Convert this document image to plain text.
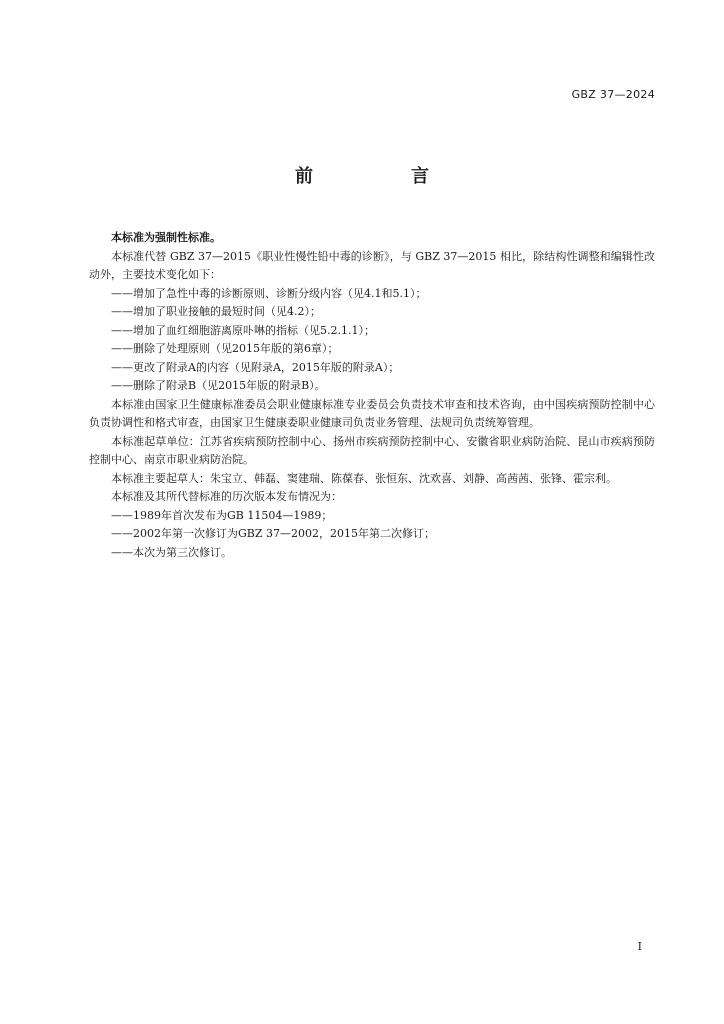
GBZ 37—2024
前　言

本标准为强制性标准。

本标准代替 GBZ 37—2015《职业性慢性铅中毒的诊断》，与 GBZ 37—2015 相比，除结构性调整和编辑性改动外，主要技术变化如下：

——增加了急性中毒的诊断原则、诊断分级内容（见4.1和5.1）；

——增加了职业接触的最短时间（见4.2）；

——增加了血红细胞游离原卟啉的指标（见5.2.1.1）；

——删除了处理原则（见2015年版的第6章）；

——更改了附录A的内容（见附录A，2015年版的附录A）；

——删除了附录B（见2015年版的附录B）。

本标准由国家卫生健康标准委员会职业健康标准专业委员会负责技术审查和技术咨询，由中国疾病预防控制中心负责协调性和格式审查，由国家卫生健康委职业健康司负责业务管理、法规司负责统筹管理。

本标准起草单位：江苏省疾病预防控制中心、扬州市疾病预防控制中心、安徽省职业病防治院、昆山市疾病预防控制中心、南京市职业病防治院。

本标准主要起草人：朱宝立、韩磊、窦建瑞、陈葆春、张恒东、沈欢喜、刘静、高茜茜、张锋、霍宗利。

本标准及其所代替标准的历次版本发布情况为：

——1989年首次发布为GB 11504—1989；

——2002年第一次修订为GBZ 37—2002，2015年第二次修订；

——本次为第三次修订。

I
